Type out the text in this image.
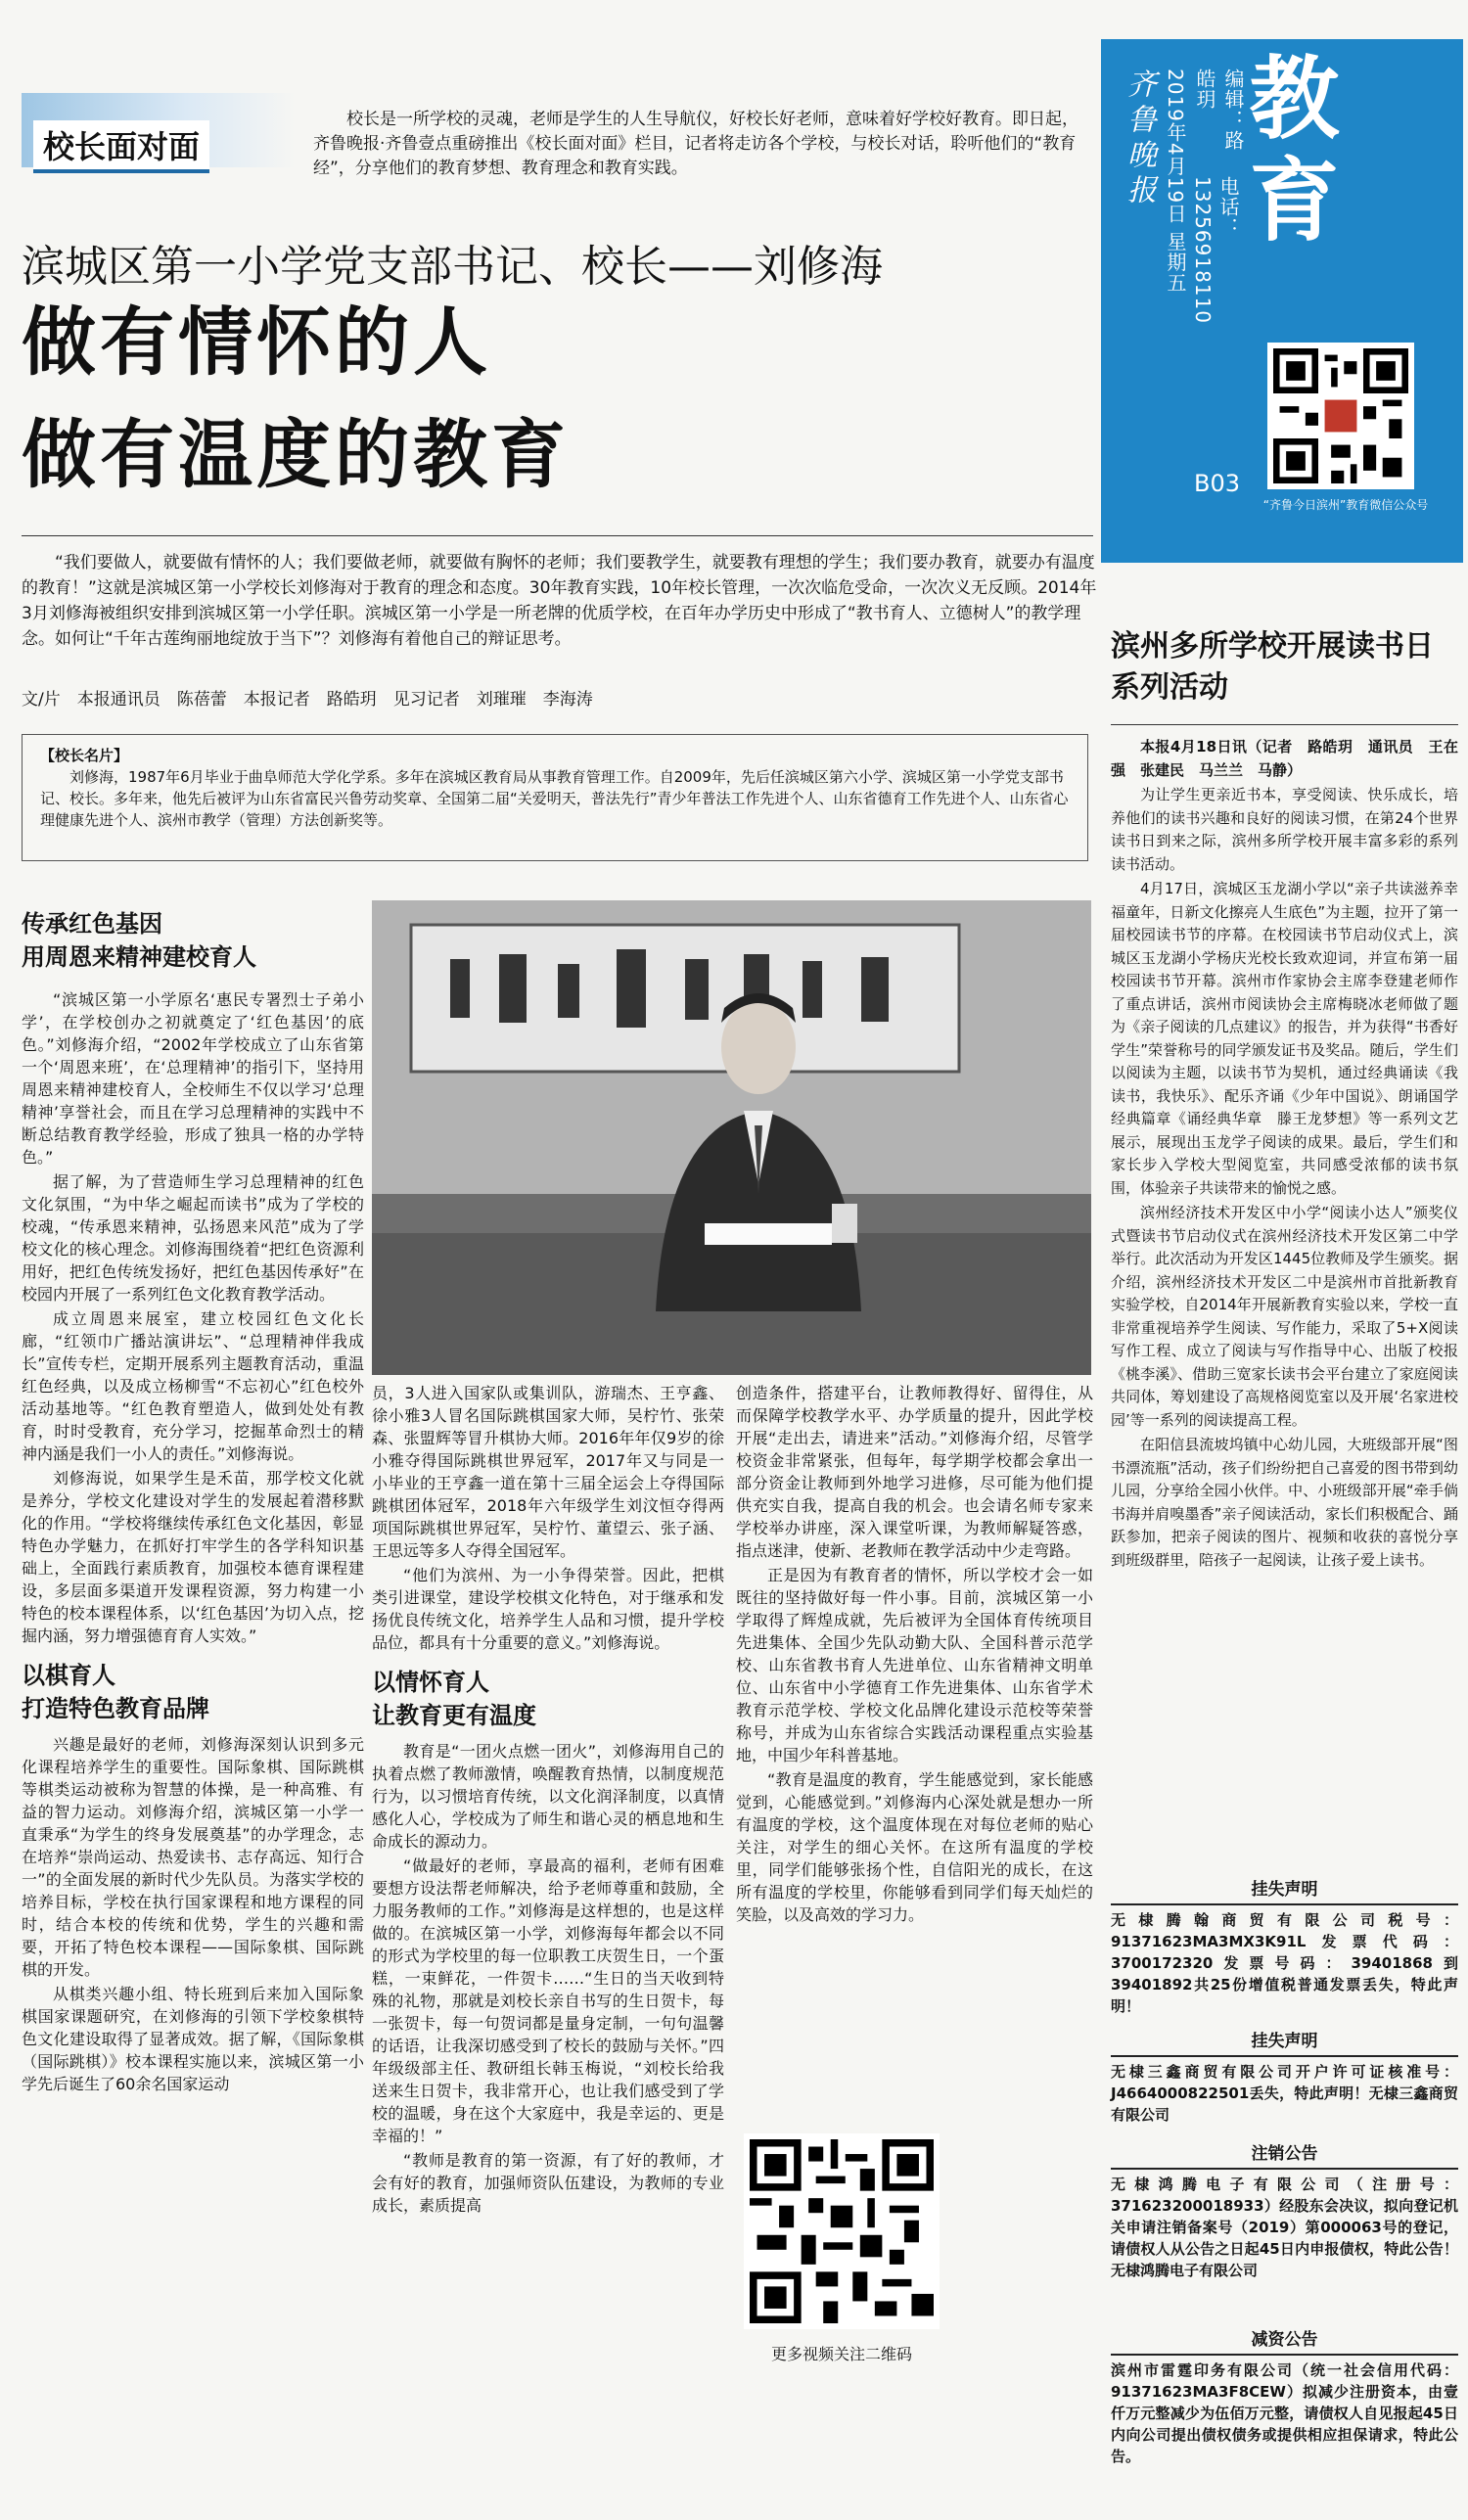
齐鲁晚报 2019年4月19日 星期五	编辑：路皓玥
电话：13256918110
教育
B03
“齐鲁今日滨州”教育微信公众号
校长面对面
校长是一所学校的灵魂，老师是学生的人生导航仪，好校长好老师，意味着好学校好教育。即日起，齐鲁晚报·齐鲁壹点重磅推出《校长面对面》栏目，记者将走访各个学校，与校长对话，聆听他们的“教育经”，分享他们的教育梦想、教育理念和教育实践。
滨城区第一小学党支部书记、校长——刘修海
做有情怀的人
做有温度的教育
“我们要做人，就要做有情怀的人；我们要做老师，就要做有胸怀的老师；我们要教学生，就要教有理想的学生；我们要办教育，就要办有温度的教育！”这就是滨城区第一小学校长刘修海对于教育的理念和态度。30年教育实践，10年校长管理，一次次临危受命，一次次义无反顾。2014年3月刘修海被组织安排到滨城区第一小学任职。滨城区第一小学是一所老牌的优质学校，在百年办学历史中形成了“教书育人、立德树人”的教学理念。如何让“千年古莲绚丽地绽放于当下”？刘修海有着他自己的辩证思考。
文/片　本报通讯员　陈蓓蕾　本报记者　路皓玥　见习记者　刘璀璀　李海涛
【校长名片】
刘修海，1987年6月毕业于曲阜师范大学化学系。多年在滨城区教育局从事教育管理工作。自2009年，先后任滨城区第六小学、滨城区第一小学党支部书记、校长。多年来，他先后被评为山东省富民兴鲁劳动奖章、全国第二届“关爱明天，普法先行”青少年普法工作先进个人、山东省德育工作先进个人、山东省心理健康先进个人、滨州市教学（管理）方法创新奖等。
传承红色基因
用周恩来精神建校育人

“滨城区第一小学原名‘惠民专署烈士子弟小学’，在学校创办之初就奠定了‘红色基因’的底色。”刘修海介绍，“2002年学校成立了山东省第一个‘周恩来班’，在‘总理精神’的指引下，坚持用周恩来精神建校育人，全校师生不仅以学习‘总理精神’享誉社会，而且在学习总理精神的实践中不断总结教育教学经验，形成了独具一格的办学特色。”

据了解，为了营造师生学习总理精神的红色文化氛围，“为中华之崛起而读书”成为了学校的校魂，“传承恩来精神，弘扬恩来风范”成为了学校文化的核心理念。刘修海围绕着“把红色资源利用好，把红色传统发扬好，把红色基因传承好”在校园内开展了一系列红色文化教育教学活动。

成立周恩来展室，建立校园红色文化长廊，“红领巾广播站演讲坛”、“总理精神伴我成长”宣传专栏，定期开展系列主题教育活动，重温红色经典，以及成立杨柳雪“不忘初心”红色校外活动基地等。“红色教育塑造人，做到处处有教育，时时受教育，充分学习，挖掘革命烈士的精神内涵是我们一小人的责任。”刘修海说。

刘修海说，如果学生是禾苗，那学校文化就是养分，学校文化建设对学生的发展起着潜移默化的作用。“学校将继续传承红色文化基因，彰显特色办学魅力，在抓好打牢学生的各学科知识基础上，全面践行素质教育，加强校本德育课程建设，多层面多渠道开发课程资源，努力构建一小特色的校本课程体系，以‘红色基因’为切入点，挖掘内涵，努力增强德育育人实效。”

以棋育人
打造特色教育品牌

兴趣是最好的老师，刘修海深刻认识到多元化课程培养学生的重要性。国际象棋、国际跳棋等棋类运动被称为智慧的体操，是一种高雅、有益的智力运动。刘修海介绍，滨城区第一小学一直秉承“为学生的终身发展奠基”的办学理念，志在培养“崇尚运动、热爱读书、志存高远、知行合一”的全面发展的新时代少先队员。为落实学校的培养目标，学校在执行国家课程和地方课程的同时，结合本校的传统和优势，学生的兴趣和需要，开拓了特色校本课程——国际象棋、国际跳棋的开发。

从棋类兴趣小组、特长班到后来加入国际象棋国家课题研究，在刘修海的引领下学校象棋特色文化建设取得了显著成效。据了解，《国际象棋（国际跳棋）》校本课程实施以来，滨城区第一小学先后诞生了60余名国家运动

员，3人进入国家队或集训队，游瑞杰、王亨鑫、徐小雅3人冒名国际跳棋国家大师，吴柠竹、张荣森、张盟辉等冒升棋协大师。2016年年仅9岁的徐小雅夺得国际跳棋世界冠军，2017年又与同是一小毕业的王亨鑫一道在第十三届全运会上夺得国际跳棋团体冠军，2018年六年级学生刘汶恒夺得两项国际跳棋世界冠军，吴柠竹、董望云、张子涵、王思远等多人夺得全国冠军。

“他们为滨州、为一小争得荣誉。因此，把棋类引进课堂，建设学校棋文化特色，对于继承和发扬优良传统文化，培养学生人品和习惯，提升学校品位，都具有十分重要的意义。”刘修海说。

以情怀育人
让教育更有温度

教育是“一团火点燃一团火”，刘修海用自己的执着点燃了教师激情，唤醒教育热情，以制度规范行为，以习惯培育传统，以文化润泽制度，以真情感化人心，学校成为了师生和谐心灵的栖息地和生命成长的源动力。

“做最好的老师，享最高的福利，老师有困难要想方设法帮老师解决，给予老师尊重和鼓励，全力服务教师的工作。”刘修海是这样想的，也是这样做的。在滨城区第一小学，刘修海每年都会以不同的形式为学校里的每一位职教工庆贺生日，一个蛋糕，一束鲜花，一件贺卡……“生日的当天收到特殊的礼物，那就是刘校长亲自书写的生日贺卡，每一张贺卡，每一句贺词都是量身定制，一句句温馨的话语，让我深切感受到了校长的鼓励与关怀。”四年级级部主任、教研组长韩玉梅说，“刘校长给我送来生日贺卡，我非常开心，也让我们感受到了学校的温暖，身在这个大家庭中，我是幸运的、更是幸福的！”

“教师是教育的第一资源，有了好的教师，才会有好的教育，加强师资队伍建设，为教师的专业成长，素质提高

创造条件，搭建平台，让教师教得好、留得住，从而保障学校教学水平、办学质量的提升，因此学校开展“走出去，请进来”活动。”刘修海介绍，尽管学校资金非常紧张，但每年，每学期学校都会拿出一部分资金让教师到外地学习进修，尽可能为他们提供充实自我，提高自我的机会。也会请名师专家来学校举办讲座，深入课堂听课，为教师解疑答惑，指点迷津，使新、老教师在教学活动中少走弯路。

正是因为有教育者的情怀，所以学校才会一如既往的坚持做好每一件小事。目前，滨城区第一小学取得了辉煌成就，先后被评为全国体育传统项目先进集体、全国少先队动勤大队、全国科普示范学校、山东省教书育人先进单位、山东省精神文明单位、山东省中小学德育工作先进集体、山东省学术教育示范学校、学校文化品牌化建设示范校等荣誉称号，并成为山东省综合实践活动课程重点实验基地，中国少年科普基地。

“教育是温度的教育，学生能感觉到，家长能感觉到，心能感觉到。”刘修海内心深处就是想办一所有温度的学校，这个温度体现在对每位老师的贴心关注，对学生的细心关怀。在这所有温度的学校里，同学们能够张扬个性，自信阳光的成长，在这所有温度的学校里，你能够看到同学们每天灿烂的笑脸，以及高效的学习力。

更多视频关注二维码
滨州多所学校开展读书日系列活动

本报4月18日讯（记者　路皓玥　通讯员　王在强　张建民　马兰兰　马静）

为让学生更亲近书本，享受阅读、快乐成长，培养他们的读书兴趣和良好的阅读习惯，在第24个世界读书日到来之际，滨州多所学校开展丰富多彩的系列读书活动。

4月17日，滨城区玉龙湖小学以“亲子共读滋养幸福童年，日新文化擦亮人生底色”为主题，拉开了第一届校园读书节的序幕。在校园读书节启动仪式上，滨城区玉龙湖小学杨庆光校长致欢迎词，并宣布第一届校园读书节开幕。滨州市作家协会主席李登建老师作了重点讲话，滨州市阅读协会主席梅晓冰老师做了题为《亲子阅读的几点建议》的报告，并为获得“书香好学生”荣誉称号的同学颁发证书及奖品。随后，学生们以阅读为主题，以读书节为契机，通过经典诵读《我读书，我快乐》、配乐齐诵《少年中国说》、朗诵国学经典篇章《诵经典华章　滕王龙梦想》等一系列文艺展示，展现出玉龙学子阅读的成果。最后，学生们和家长步入学校大型阅览室，共同感受浓郁的读书氛围，体验亲子共读带来的愉悦之感。

滨州经济技术开发区中小学“阅读小达人”颁奖仪式暨读书节启动仪式在滨州经济技术开发区第二中学举行。此次活动为开发区1445位教师及学生颁奖。据介绍，滨州经济技术开发区二中是滨州市首批新教育实验学校，自2014年开展新教育实验以来，学校一直非常重视培养学生阅读、写作能力，采取了5+X阅读写作工程、成立了阅读与写作指导中心、出版了校报《桃李溪》、借助三宽家长读书会平台建立了家庭阅读共同体，筹划建设了高规格阅览室以及开展‘名家进校园’等一系列的阅读提高工程。

在阳信县流坡坞镇中心幼儿园，大班级部开展“图书漂流瓶”活动，孩子们纷纷把自己喜爱的图书带到幼儿园，分享给全园小伙伴。中、小班级部开展“牵手倘书海并肩嗅墨香”亲子阅读活动，家长们积极配合、踊跃参加，把亲子阅读的图片、视频和收获的喜悦分享到班级群里，陪孩子一起阅读，让孩子爱上读书。

挂失声明
无棣腾翰商贸有限公司税号：91371623MA3MX3K91L发票代码：3700172320发票号码：39401868到39401892共25份增值税普通发票丢失，特此声明！
挂失声明
无棣三鑫商贸有限公司开户许可证核准号：J4664000822501丢失，特此声明！无棣三鑫商贸有限公司
注销公告
无棣鸿腾电子有限公司（注册号：371623200018933）经股东会决议，拟向登记机关申请注销备案号（2019）第000063号的登记，请债权人从公告之日起45日内申报债权，特此公告！无棣鸿腾电子有限公司
减资公告
滨州市雷霆印务有限公司（统一社会信用代码：91371623MA3F8CEW）拟减少注册资本，由壹仟万元整减少为伍佰万元整，请债权人自见报起45日内向公司提出债权债务或提供相应担保请求，特此公告。
